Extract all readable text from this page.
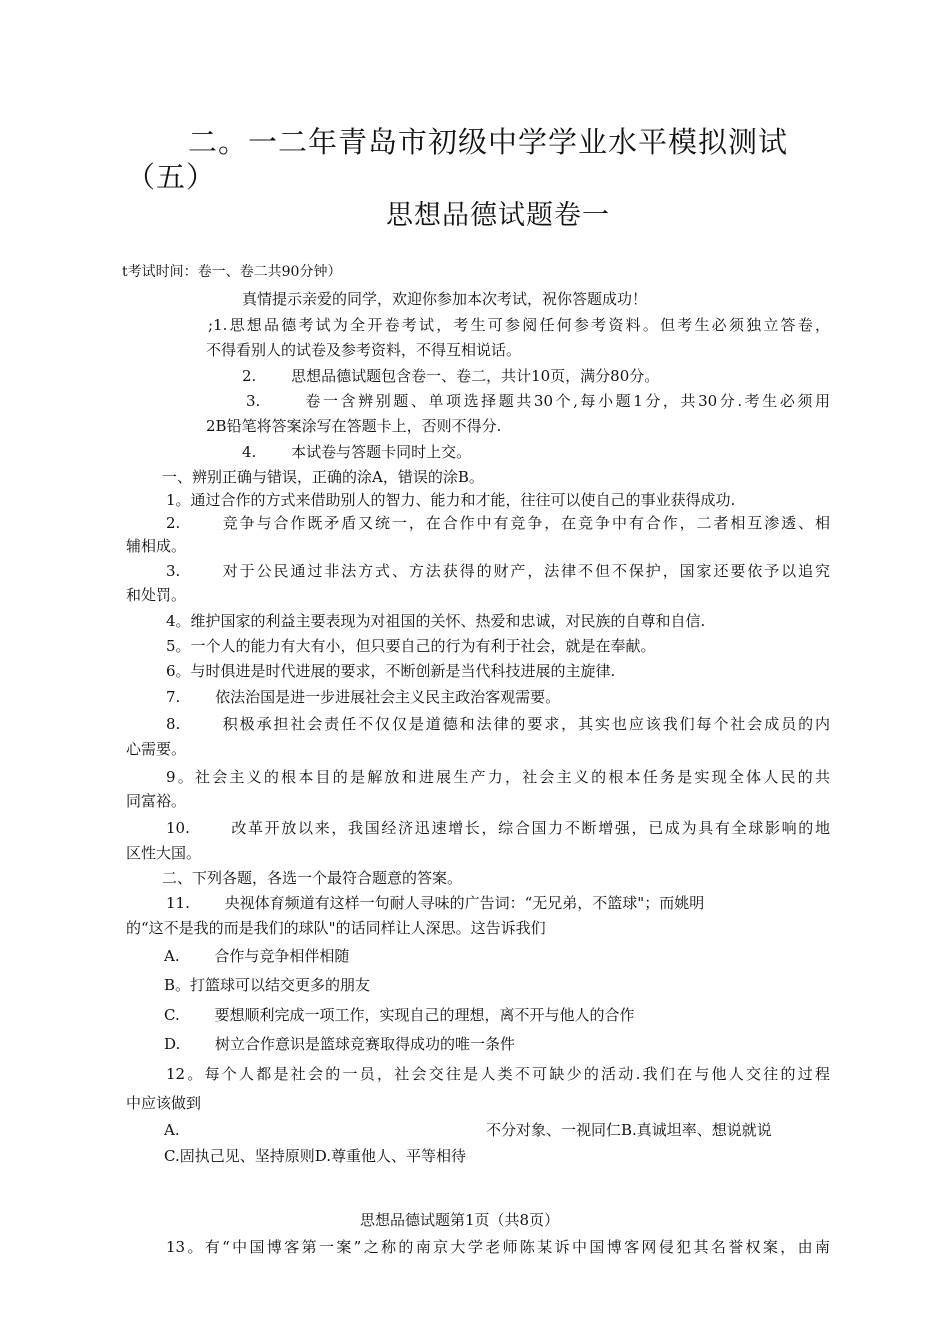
二。一二年青岛市初级中学学业水平模拟测试
（五）
思想品德试题卷一
t考试时间：卷一、卷二共90分钟）
真情提示亲爱的同学，欢迎你参加本次考试，祝你答题成功！
;1.思想品德考试为全开卷考试，考生可参阅任何参考资料。但考生必须独立答卷，
不得看别人的试卷及参考资料，不得互相说话。
2.　　 思想品德试题包含卷一、卷二，共计10页，满分80分。
3.　　 卷一含辨别题、单项选择题共30个,每小题1分，共30分.考生必须用
2B铅笔将答案涂写在答题卡上，否则不得分.
4.　　 本试卷与答题卡同时上交。
一、辨别正确与错误，正确的涂A，错误的涂B。
1。通过合作的方式来借助别人的智力、能力和才能，往往可以使自己的事业获得成功.
2.　　 竞争与合作既矛盾又统一，在合作中有竞争，在竞争中有合作，二者相互渗透、相
辅相成。
3.　　 对于公民通过非法方式、方法获得的财产，法律不但不保护，国家还要依予以追究
和处罚。
4。维护国家的利益主要表现为对祖国的关怀、热爱和忠诚，对民族的自尊和自信.
5。一个人的能力有大有小，但只要自己的行为有利于社会，就是在奉献。
6。与时俱进是时代进展的要求，不断创新是当代科技进展的主旋律.
7.　　 依法治国是进一步进展社会主义民主政治客观需要。
8.　　 积极承担社会责任不仅仅是道德和法律的要求，其实也应该我们每个社会成员的内
心需要。
9。社会主义的根本目的是解放和进展生产力，社会主义的根本任务是实现全体人民的共
同富裕。
10.　　 改革开放以来，我国经济迅速增长，综合国力不断增强，已成为具有全球影响的地
区性大国。
二、下列各题，各选一个最符合题意的答案。
11.　　 央视体育频道有这样一句耐人寻味的广告词：“无兄弟，不篮球"；而姚明
的“这不是我的而是我们的球队"的话同样让人深思。这告诉我们
A.　　 合作与竞争相伴相随
B。打篮球可以结交更多的朋友
C.　　 要想顺利完成一项工作，实现自己的理想，离不开与他人的合作
D.　　 树立合作意识是篮球竞赛取得成功的唯一条件
12。每个人都是社会的一员，社会交往是人类不可缺少的活动.我们在与他人交往的过程
中应该做到
A.	不分对象、一视同仁B.真诚坦率、想说就说
C.固执己见、坚持原则D.尊重他人、平等相待
思想品德试题第1页（共8页）
13。有“中国博客第一案”之称的南京大学老师陈某诉中国博客网侵犯其名誉权案，由南
